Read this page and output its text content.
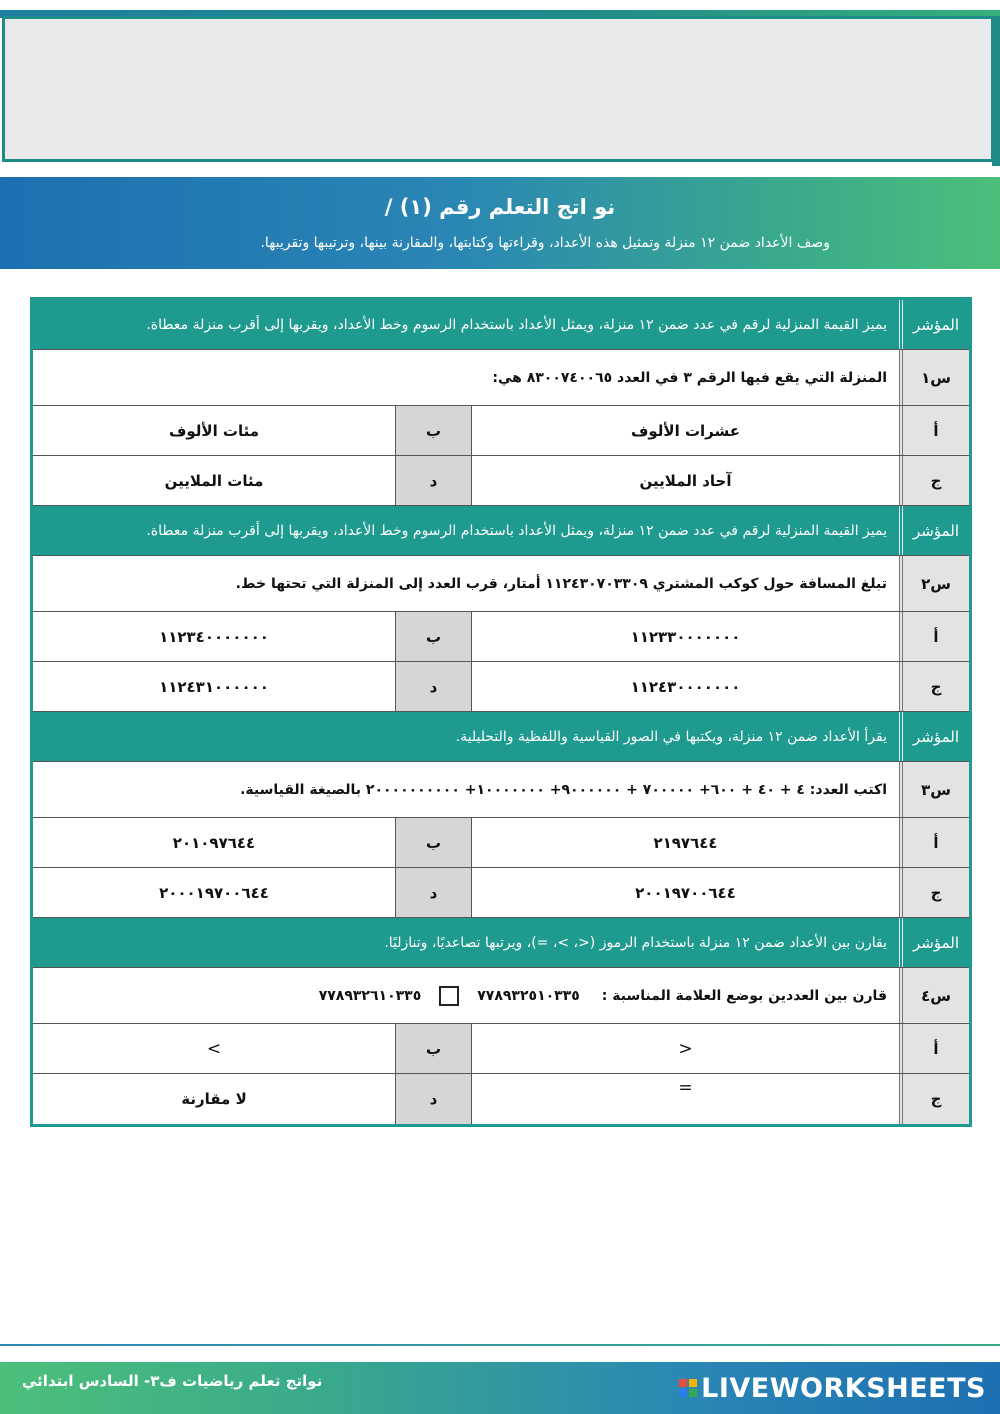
نو اتج التعلم رقم (١) /
وصف الأعداد ضمن ١٢ منزلة وتمثيل هذه الأعداد، وقراءتها وكتابتها، والمقارنة بينها، وترتيبها وتقريبها.
المؤشر
يميز القيمة المنزلية لرقم في عدد ضمن ١٢ منزلة، ويمثل الأعداد باستخدام الرسوم وخط الأعداد، ويقربها إلى أقرب منزلة معطاة.
س١
المنزلة التي يقع فيها الرقم ٣ في العدد ٨٣٠٠٧٤٠٠٦٥ هي:
أ
عشرات الألوف
ب
مئات الألوف
ج
آحاد الملايين
د
مئات الملايين
المؤشر
يميز القيمة المنزلية لرقم في عدد ضمن ١٢ منزلة، ويمثل الأعداد باستخدام الرسوم وخط الأعداد، ويقربها إلى أقرب منزلة معطاة.
س٢
تبلغ المسافة حول كوكب المشتري ١١٢٤٣٠٧٠٣٣٠٩ أمتار، قرب العدد إلى المنزلة التي تحتها خط.
أ
١١٢٣٣٠٠٠٠٠٠٠
ب
١١٢٣٤٠٠٠٠٠٠٠
ج
١١٢٤٣٠٠٠٠٠٠٠
د
١١٢٤٣١٠٠٠٠٠٠
المؤشر
يقرأ الأعداد ضمن ١٢ منزلة، ويكتبها في الصور القياسية واللفظية والتحليلية.
س٣
اكتب العدد: ٤ + ٤٠ + ٦٠٠+ ٧٠٠٠٠٠ + ٩٠٠٠٠٠٠+ ١٠٠٠٠٠٠٠+ ٢٠٠٠٠٠٠٠٠٠٠ بالصيغة القياسية.
أ
٢١٩٧٦٤٤
ب
٢٠١٠٩٧٦٤٤
ج
٢٠٠١٩٧٠٠٦٤٤
د
٢٠٠٠١٩٧٠٠٦٤٤
المؤشر
يقارن بين الأعداد ضمن ١٢ منزلة باستخدام الرموز (<، >، =)، ويرتبها تصاعديًا، وتنازليًا.
س٤
قارن بين العددين بوضع العلامة المناسبة :
٧٧٨٩٣٢٥١٠٣٣٥
٧٧٨٩٣٢٦١٠٣٣٥
أ
<
ب
>
ج
=
د
لا مقارنة
نواتج تعلم رياضيات ف٣- السادس ابتدائي	LIVEWORKSHEETS
